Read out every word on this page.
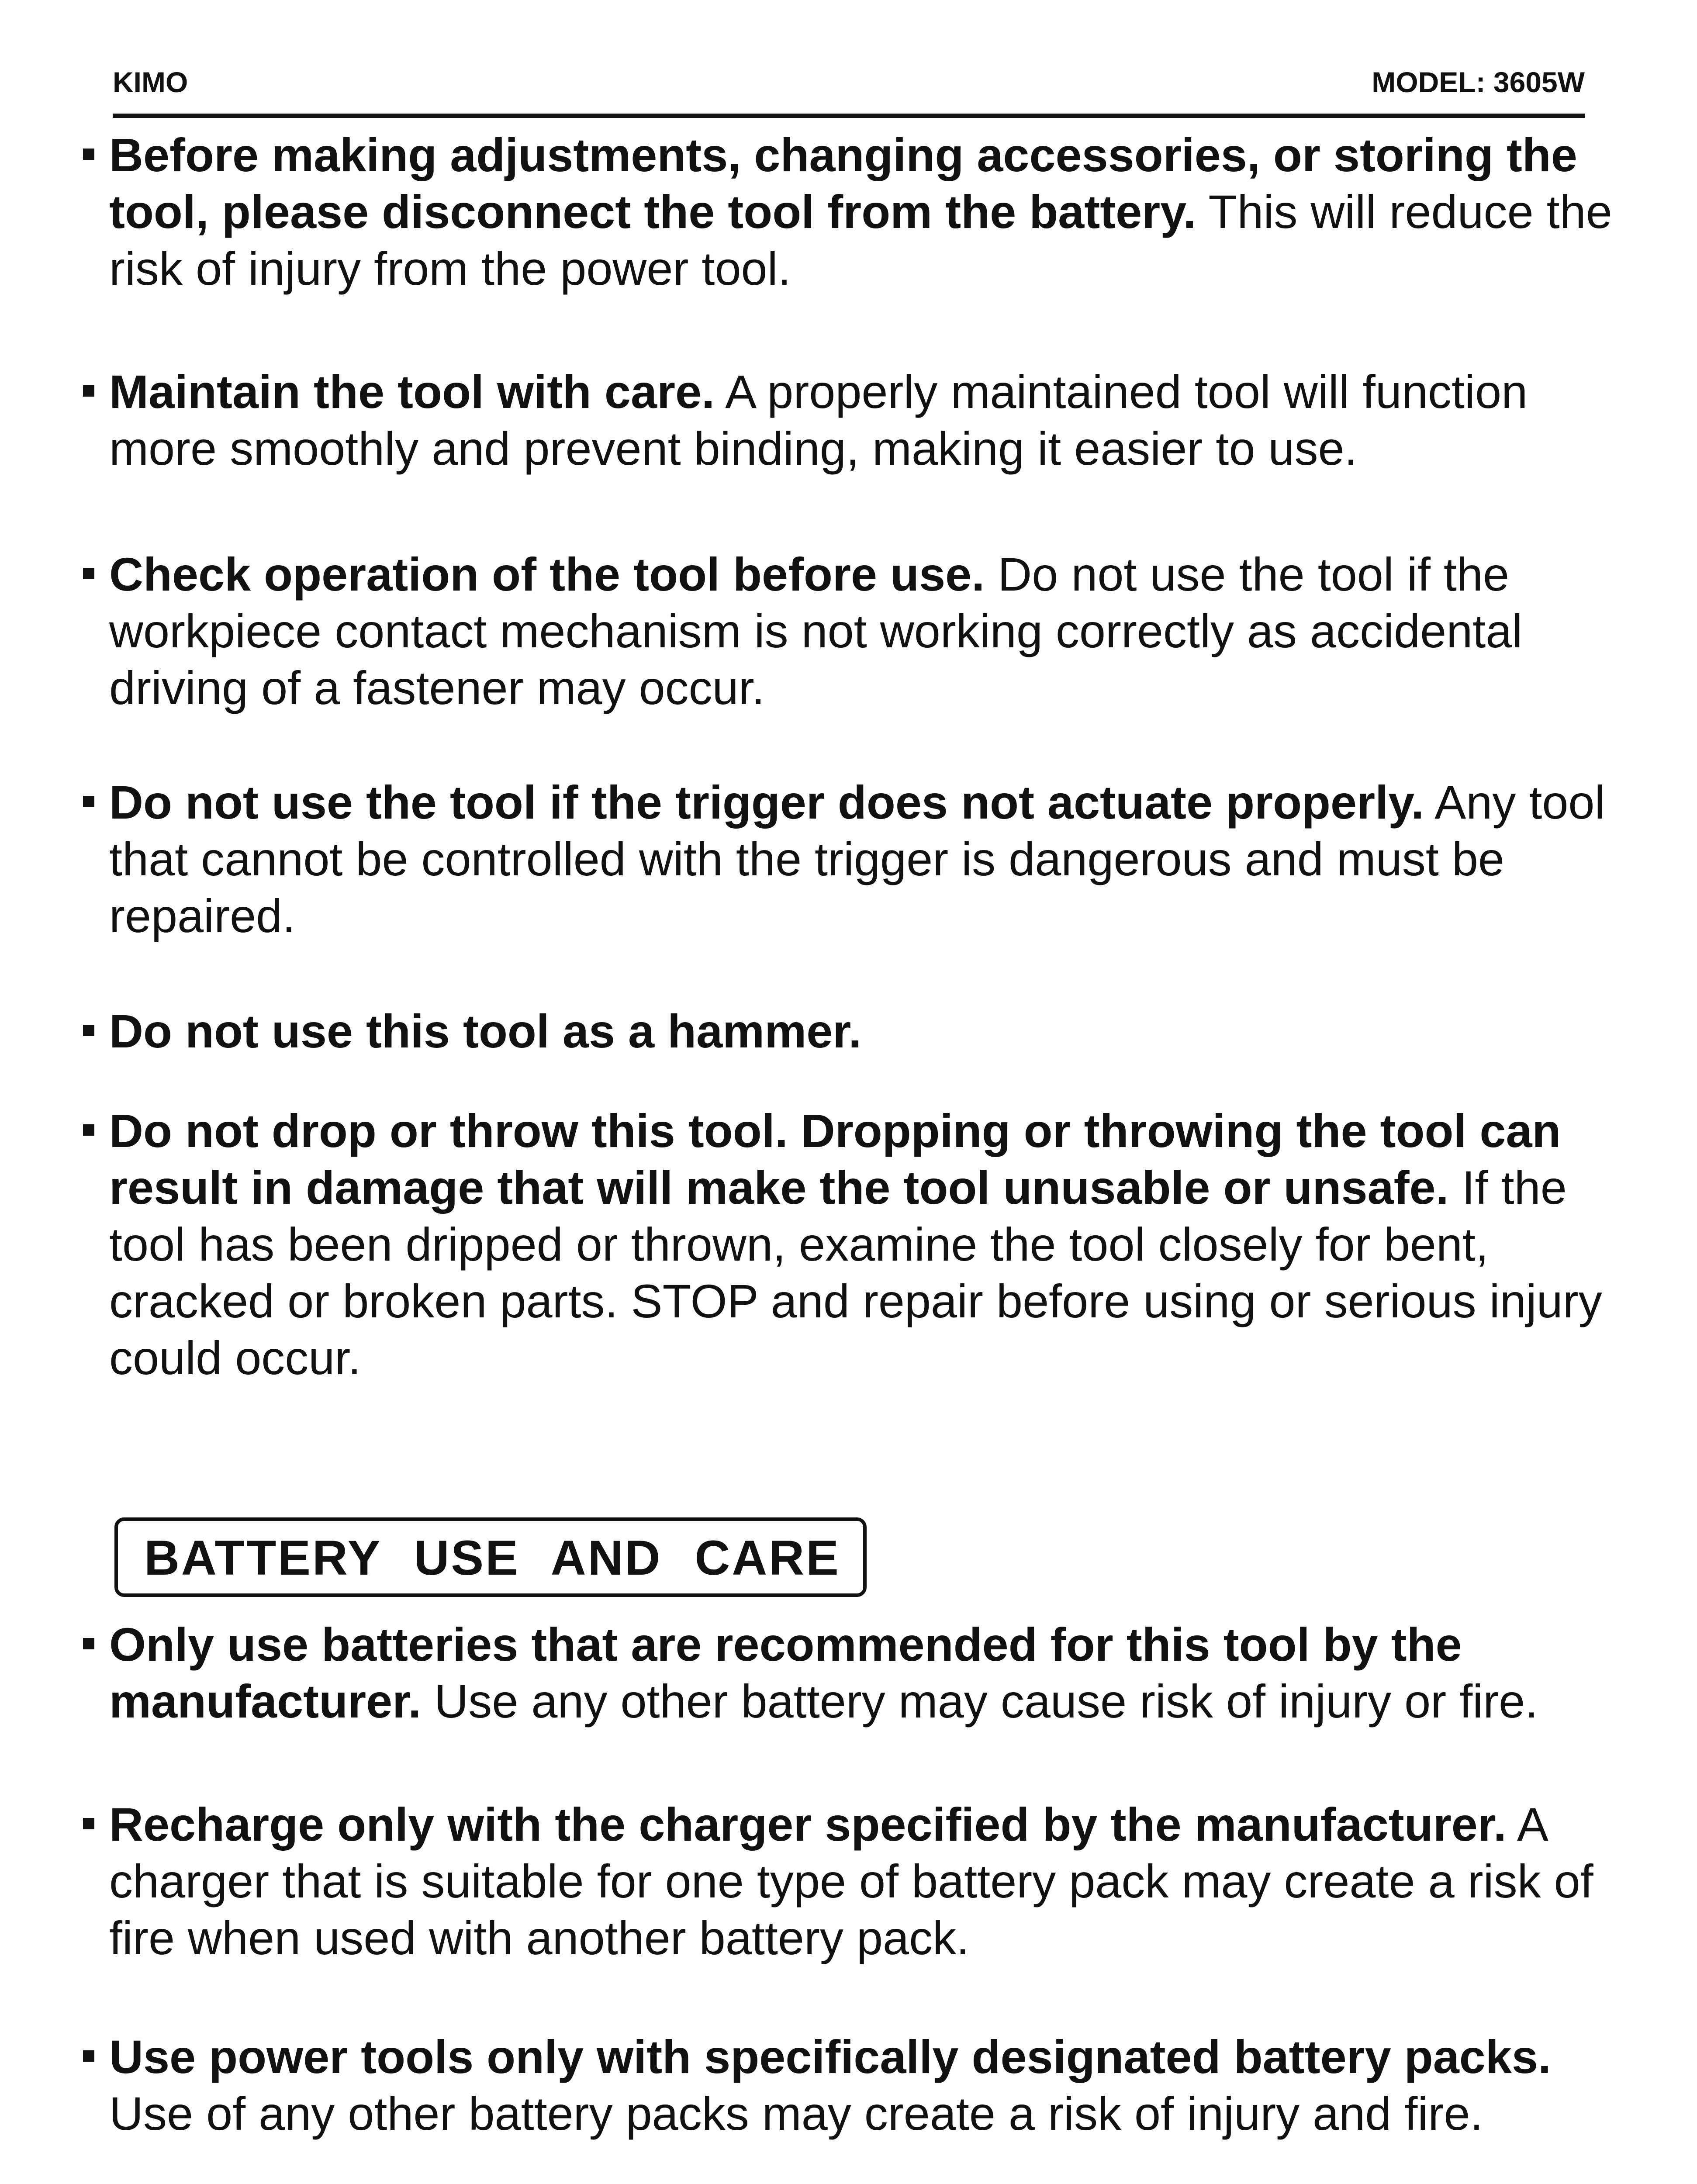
KIMO	MODEL: 3605W
Before making adjustments, changing accessories, or storing the tool, please disconnect the tool from the battery. This will reduce the risk of injury from the power tool.
Maintain the tool with care. A properly maintained tool will function more smoothly and prevent binding, making it easier to use.
Check operation of the tool before use. Do not use the tool if the workpiece contact mechanism is not working correctly as accidental driving of a fastener may occur.
Do not use the tool if the trigger does not actuate properly. Any tool that cannot be controlled with the trigger is dangerous and must be repaired.
Do not use this tool as a hammer.
Do not drop or throw this tool. Dropping or throwing the tool can result in damage that will make the tool unusable or unsafe. If the tool has been dripped or thrown, examine the tool closely for bent, cracked or broken parts. STOP and repair before using or serious injury could occur.
BATTERY USE AND CARE
Only use batteries that are recommended for this tool by the manufacturer. Use any other battery may cause risk of injury or fire.
Recharge only with the charger specified by the manufacturer. A charger that is suitable for one type of battery pack may create a risk of fire when used with another battery pack.
Use power tools only with specifically designated battery packs. Use of any other battery packs may create a risk of injury and fire.
